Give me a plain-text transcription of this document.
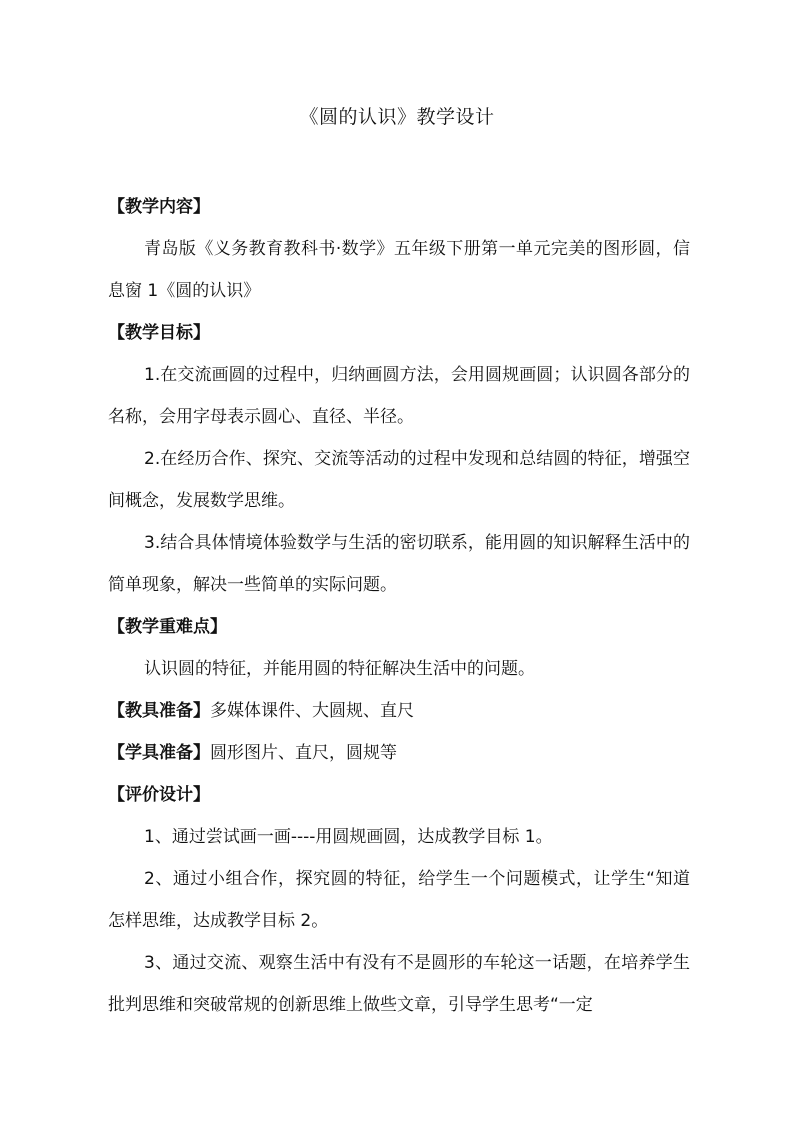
《圆的认识》教学设计
【教学内容】
青岛版《义务教育教科书·数学》五年级下册第一单元完美的图形圆，信息窗 1《圆的认识》
【教学目标】
1.在交流画圆的过程中，归纳画圆方法，会用圆规画圆；认识圆各部分的名称，会用字母表示圆心、直径、半径。
2.在经历合作、探究、交流等活动的过程中发现和总结圆的特征，增强空间概念，发展数学思维。
3.结合具体情境体验数学与生活的密切联系，能用圆的知识解释生活中的简单现象，解决一些简单的实际问题。
【教学重难点】
认识圆的特征，并能用圆的特征解决生活中的问题。
【教具准备】多媒体课件、大圆规、直尺
【学具准备】圆形图片、直尺，圆规等
【评价设计】
1、通过尝试画一画----用圆规画圆，达成教学目标 1。
2、通过小组合作，探究圆的特征，给学生一个问题模式，让学生“知道怎样思维，达成教学目标 2。
3、通过交流、观察生活中有没有不是圆形的车轮这一话题，在培养学生批判思维和突破常规的创新思维上做些文章，引导学生思考“一定
